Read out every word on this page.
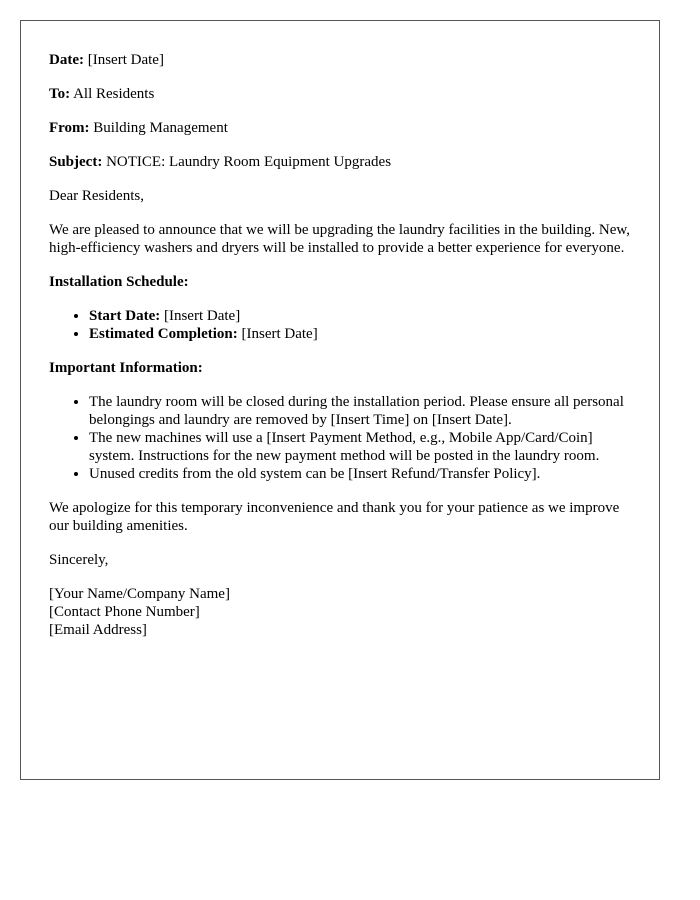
Date: [Insert Date]
To: All Residents
From: Building Management
Subject: NOTICE: Laundry Room Equipment Upgrades

Dear Residents,

We are pleased to announce that we will be upgrading the laundry facilities in the building. New, high-efficiency washers and dryers will be installed to provide a better experience for everyone.

Installation Schedule:
• Start Date: [Insert Date]
• Estimated Completion: [Insert Date]
Important Information:
• The laundry room will be closed during the installation period. Please ensure all personal belongings and laundry are removed by [Insert Time] on [Insert Date].
• The new machines will use a [Insert Payment Method, e.g., Mobile App/Card/Coin] system. Instructions for the new payment method will be posted in the laundry room.
• Unused credits from the old system can be [Insert Refund/Transfer Policy].

We apologize for this temporary inconvenience and thank you for your patience as we improve our building amenities.

Sincerely,

[Your Name/Company Name]
[Contact Phone Number]
[Email Address]
